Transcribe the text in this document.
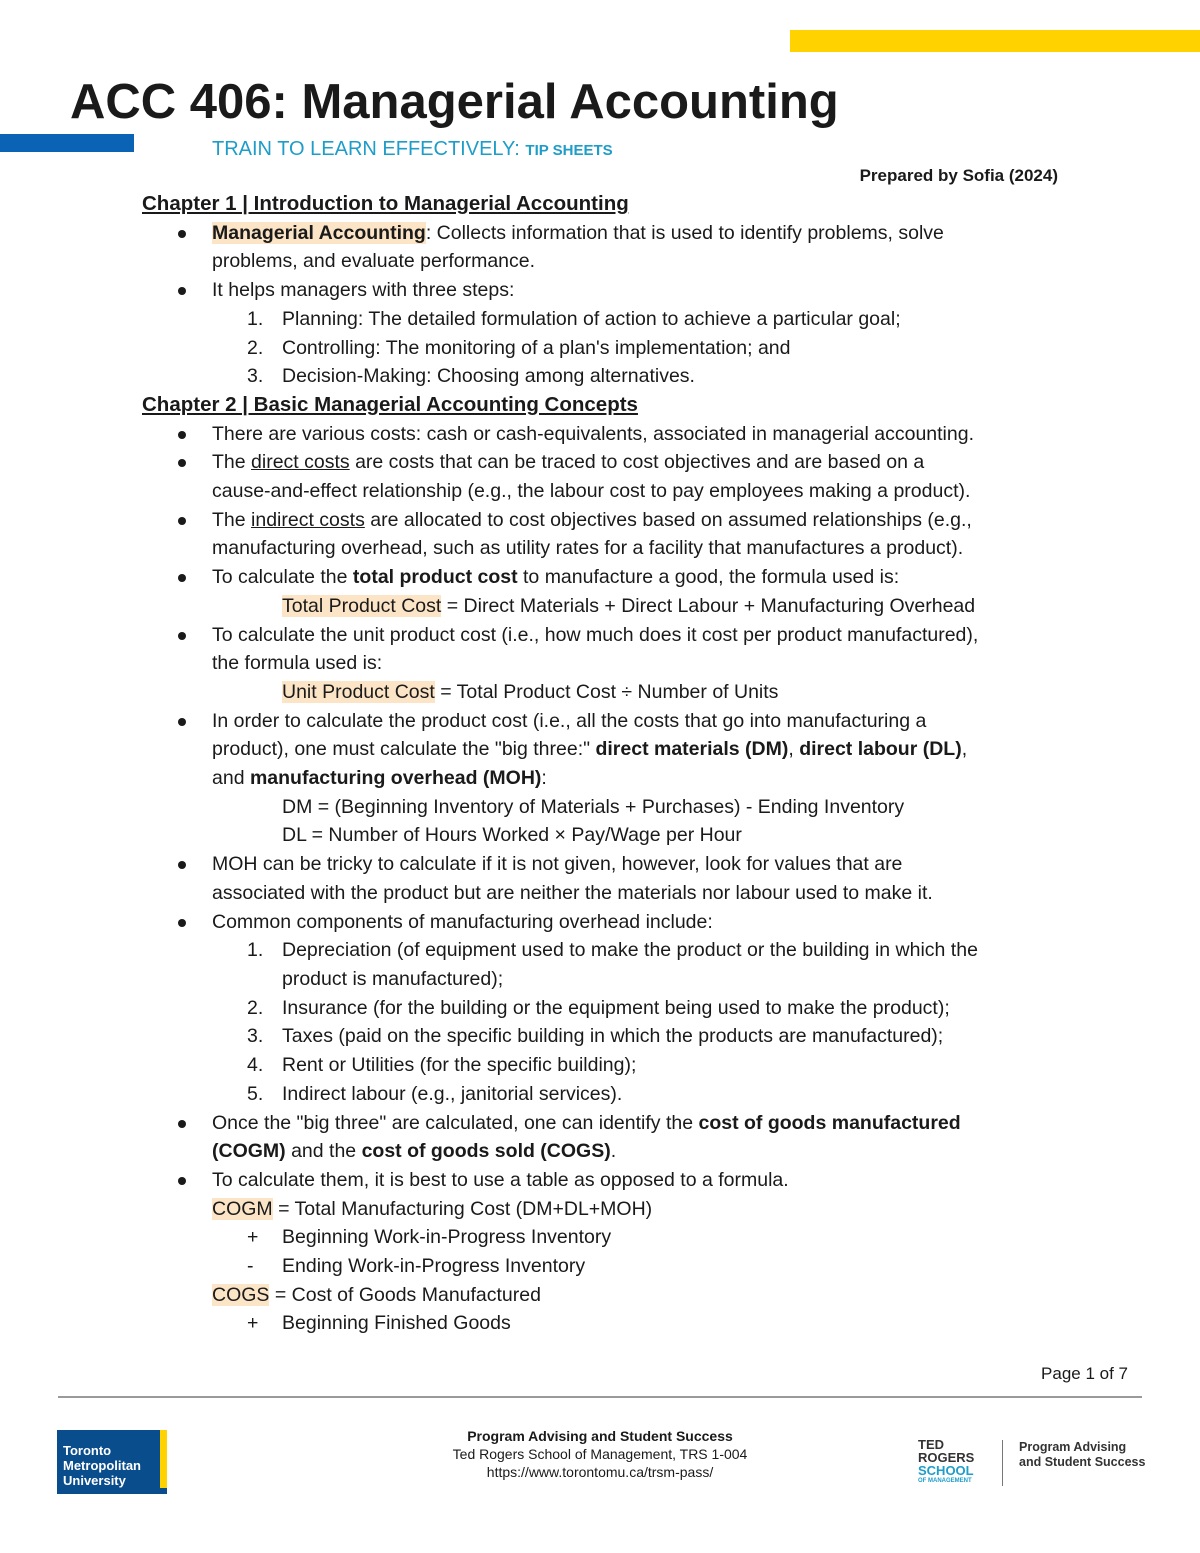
ACC 406: Managerial Accounting
TRAIN TO LEARN EFFECTIVELY: TIP SHEETS
Prepared by Sofia (2024)
Chapter 1 | Introduction to Managerial Accounting
Managerial Accounting: Collects information that is used to identify problems, solve
problems, and evaluate performance.
It helps managers with three steps:
1. Planning: The detailed formulation of action to achieve a particular goal;
2. Controlling: The monitoring of a plan's implementation; and
3. Decision-Making: Choosing among alternatives.
Chapter 2 | Basic Managerial Accounting Concepts
There are various costs: cash or cash-equivalents, associated in managerial accounting.
The direct costs are costs that can be traced to cost objectives and are based on a
cause-and-effect relationship (e.g., the labour cost to pay employees making a product).
The indirect costs are allocated to cost objectives based on assumed relationships (e.g.,
manufacturing overhead, such as utility rates for a facility that manufactures a product).
To calculate the total product cost to manufacture a good, the formula used is:
Total Product Cost = Direct Materials + Direct Labour + Manufacturing Overhead
To calculate the unit product cost (i.e., how much does it cost per product manufactured),
the formula used is:
Unit Product Cost = Total Product Cost ÷ Number of Units
In order to calculate the product cost (i.e., all the costs that go into manufacturing a
product), one must calculate the "big three:" direct materials (DM), direct labour (DL),
and manufacturing overhead (MOH):
DM = (Beginning Inventory of Materials + Purchases) - Ending Inventory
DL = Number of Hours Worked × Pay/Wage per Hour
MOH can be tricky to calculate if it is not given, however, look for values that are
associated with the product but are neither the materials nor labour used to make it.
Common components of manufacturing overhead include:
1. Depreciation (of equipment used to make the product or the building in which the
product is manufactured);
2. Insurance (for the building or the equipment being used to make the product);
3. Taxes (paid on the specific building in which the products are manufactured);
4. Rent or Utilities (for the specific building);
5. Indirect labour (e.g., janitorial services).
Once the "big three" are calculated, one can identify the cost of goods manufactured
(COGM) and the cost of goods sold (COGS).
To calculate them, it is best to use a table as opposed to a formula.
COGM = Total Manufacturing Cost (DM+DL+MOH)
+	Beginning Work-in-Progress Inventory
-	Ending Work-in-Progress Inventory
COGS = Cost of Goods Manufactured
+	Beginning Finished Goods
Page 1 of 7
Toronto
Metropolitan
University
Program Advising and Student Success
Ted Rogers School of Management, TRS 1-004
https://www.torontomu.ca/trsm-pass/
TED
ROGERS
SCHOOL
OF MANAGEMENT
Program Advising
and Student Success
